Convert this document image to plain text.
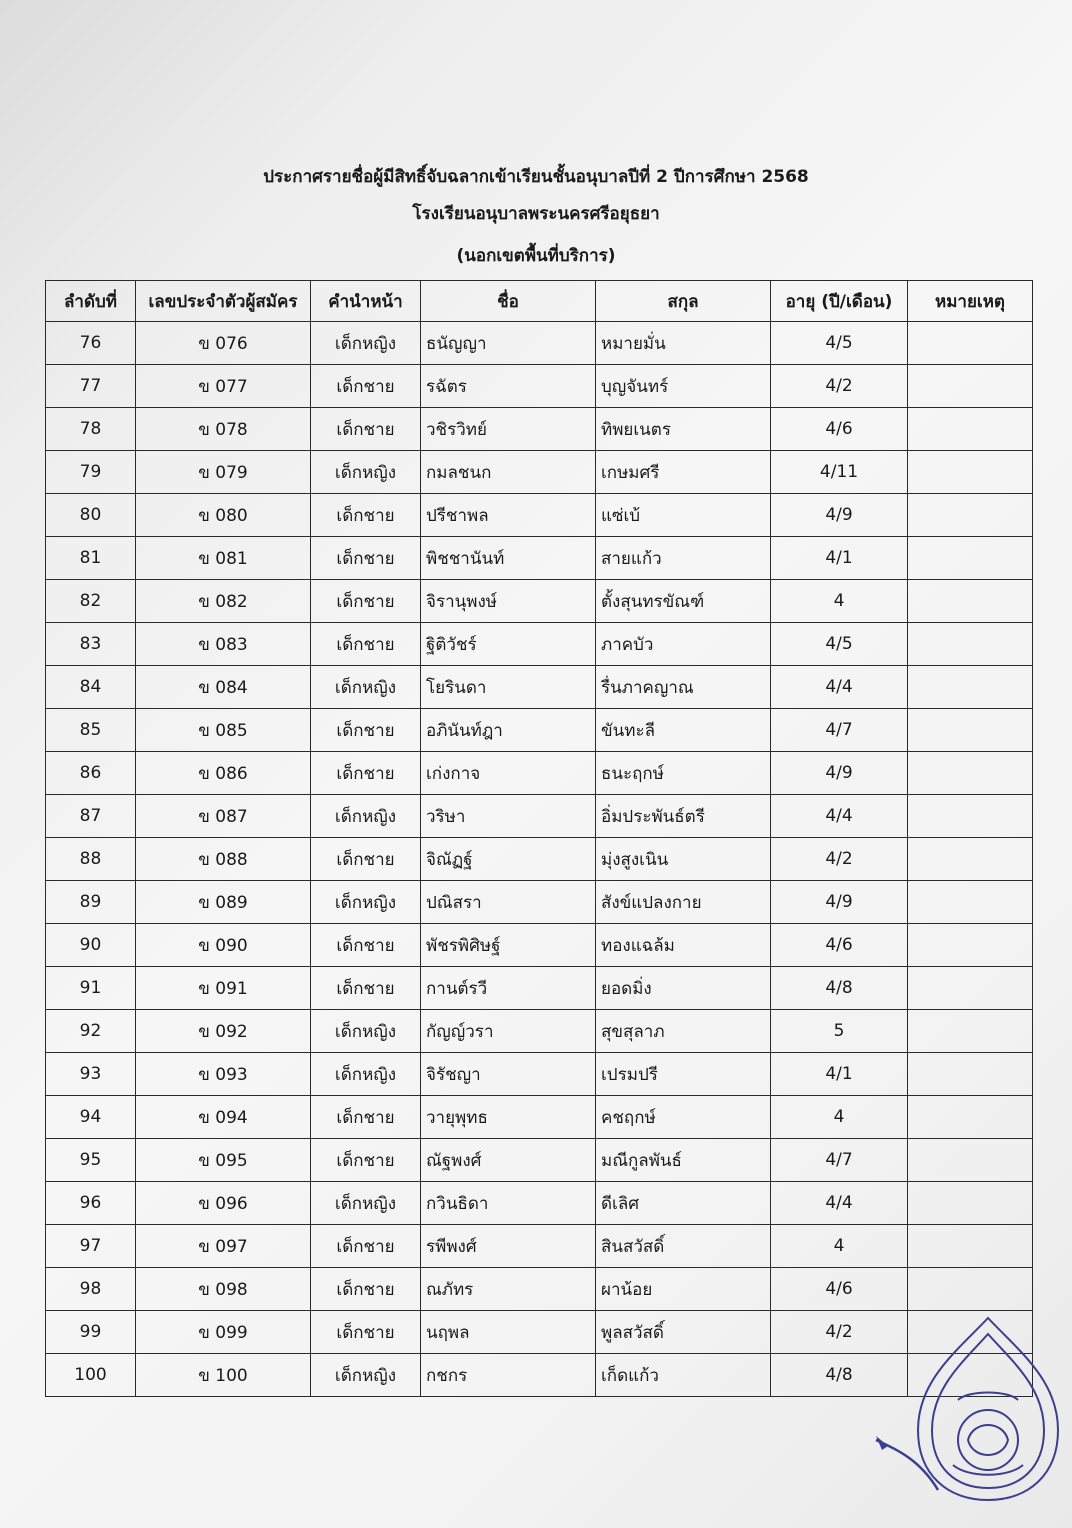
ประกาศรายชื่อผู้มีสิทธิ์จับฉลากเข้าเรียนชั้นอนุบาลปีที่ 2 ปีการศึกษา 2568
โรงเรียนอนุบาลพระนครศรีอยุธยา
(นอกเขตพื้นที่บริการ)
ลำดับที่	เลขประจำตัวผู้สมัคร	คำนำหน้า	ชื่อ	สกุล	อายุ (ปี/เดือน)	หมายเหตุ
76	ข 076	เด็กหญิง	ธนัญญา	หมายมั่น	4/5	
77	ข 077	เด็กชาย	รฉัตร	บุญจันทร์	4/2	
78	ข 078	เด็กชาย	วชิรวิทย์	ทิพยเนตร	4/6	
79	ข 079	เด็กหญิง	กมลชนก	เกษมศรี	4/11	
80	ข 080	เด็กชาย	ปรีชาพล	แซ่เบ้	4/9	
81	ข 081	เด็กชาย	พิชชานันท์	สายแก้ว	4/1	
82	ข 082	เด็กชาย	จิรานุพงษ์	ตั้งสุนทรขัณฑ์	4	
83	ข 083	เด็กชาย	ฐิติวัชร์	ภาคบัว	4/5	
84	ข 084	เด็กหญิง	โยรินดา	รื่นภาคญาณ	4/4	
85	ข 085	เด็กชาย	อภินันท์ฎา	ขันทะลี	4/7	
86	ข 086	เด็กชาย	เก่งกาจ	ธนะฤกษ์	4/9	
87	ข 087	เด็กหญิง	วริษา	อิ่มประพันธ์ตรี	4/4	
88	ข 088	เด็กชาย	จิณัฏฐ์	มุ่งสูงเนิน	4/2	
89	ข 089	เด็กหญิง	ปณิสรา	สังข์แปลงกาย	4/9	
90	ข 090	เด็กชาย	พัชรพิศิษฐ์	ทองแฉล้ม	4/6	
91	ข 091	เด็กชาย	กานต์รวี	ยอดมิ่ง	4/8	
92	ข 092	เด็กหญิง	กัญญ์วรา	สุขสุลาภ	5	
93	ข 093	เด็กหญิง	จิรัชญา	เปรมปรี	4/1	
94	ข 094	เด็กชาย	วายุพุทธ	คชฤกษ์	4	
95	ข 095	เด็กชาย	ณัฐพงศ์	มณีกูลพันธ์	4/7	
96	ข 096	เด็กหญิง	กวินธิดา	ดีเลิศ	4/4	
97	ข 097	เด็กชาย	รพีพงศ์	สินสวัสดิ์	4	
98	ข 098	เด็กชาย	ณภัทร	ผาน้อย	4/6	
99	ข 099	เด็กชาย	นฤพล	พูลสวัสดิ์	4/2	
100	ข 100	เด็กหญิง	กชกร	เก็ดแก้ว	4/8	
